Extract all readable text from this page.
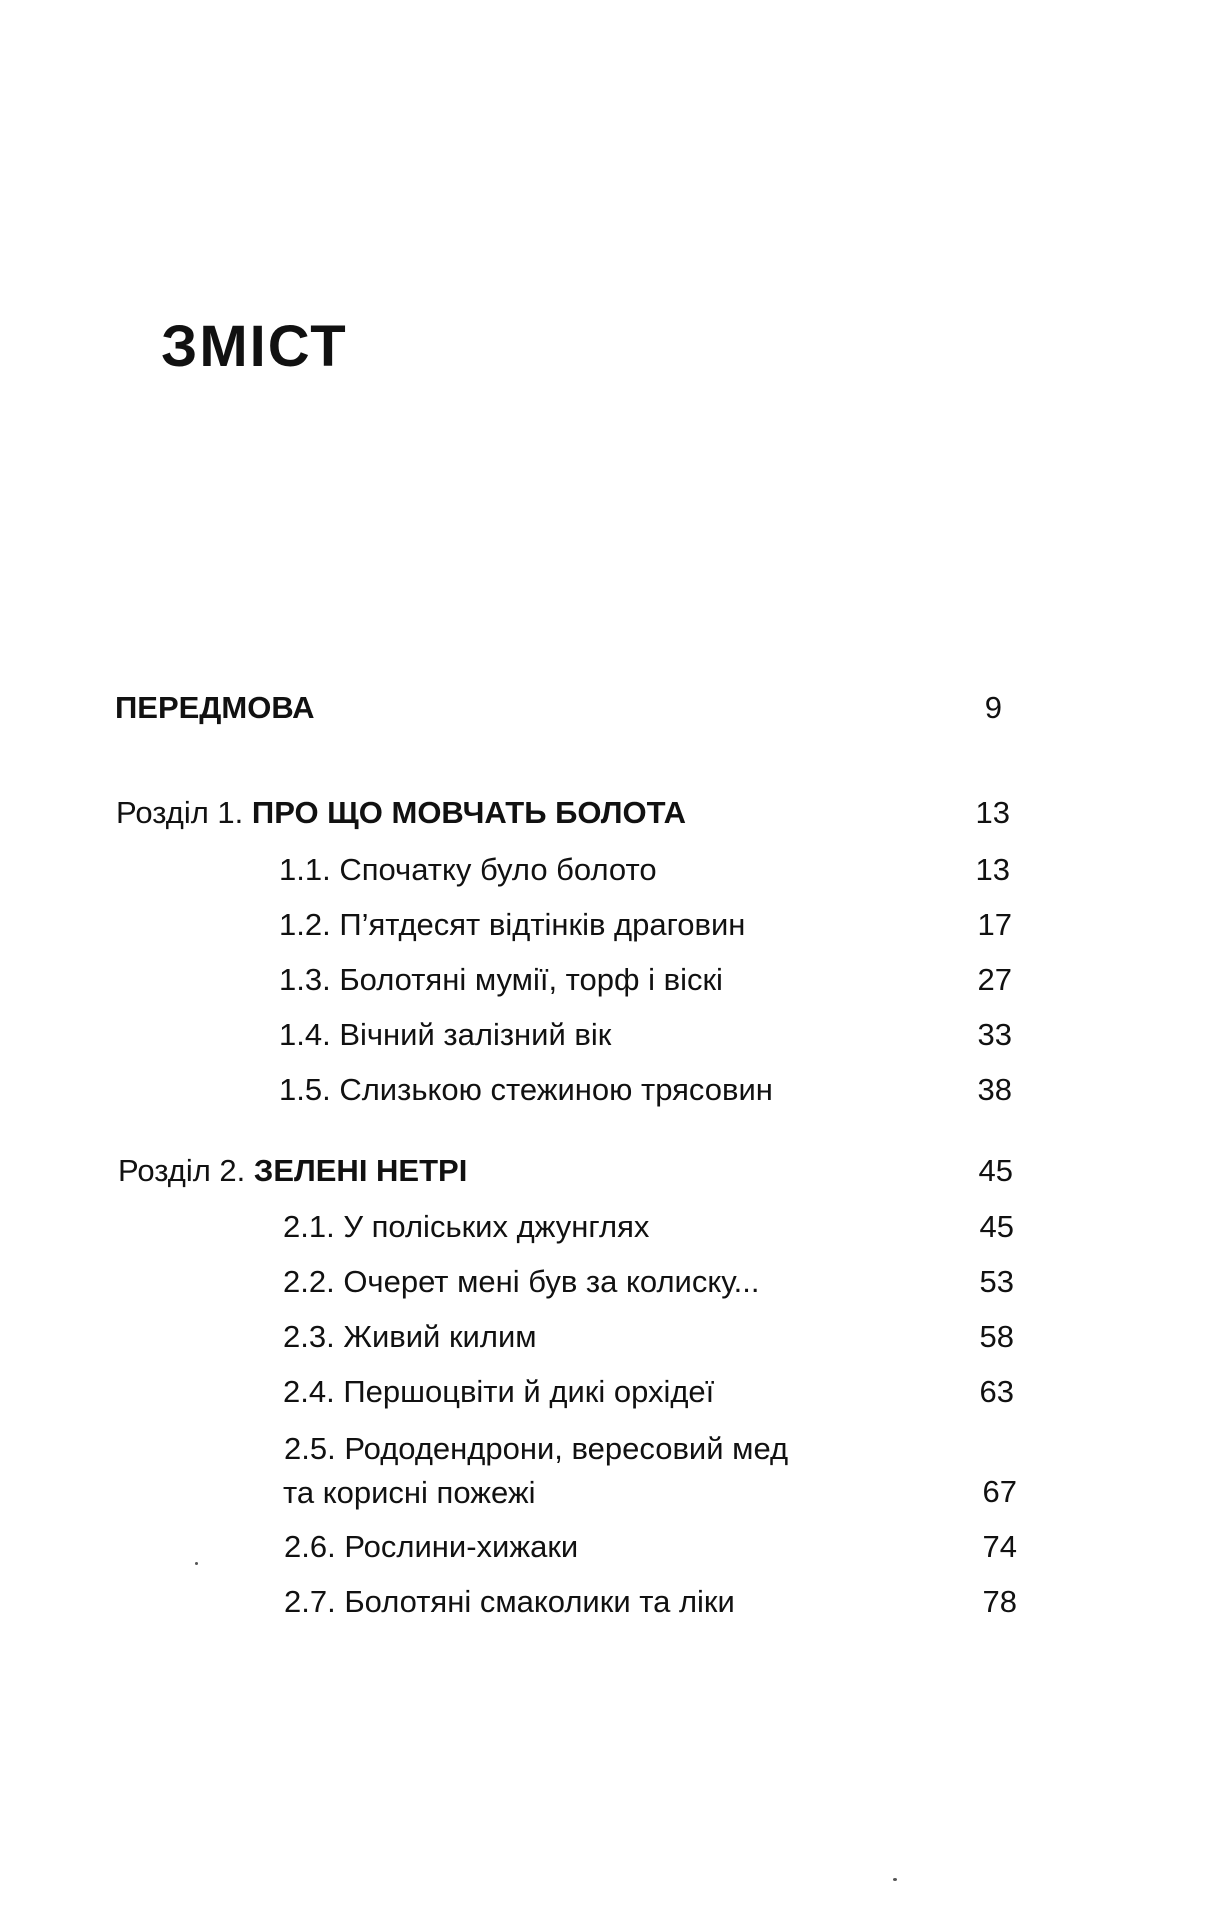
ЗМІСТ
ПЕРЕДМОВА	9
Розділ 1. ПРО ЩО МОВЧАТЬ БОЛОТА	13
1.1. Спочатку було болото	13
1.2. П’ятдесят відтінків драговин	17
1.3. Болотяні мумії, торф і віскі	27
1.4. Вічний залізний вік	33
1.5. Слизькою стежиною трясовин	38
Розділ 2. ЗЕЛЕНІ НЕТРІ	45
2.1. У поліських джунглях	45
2.2. Очерет мені був за колиску...	53
2.3. Живий килим	58
2.4. Першоцвіти й дикі орхідеї	63
2.5. Рододендрони, вересовий мед
та корисні пожежі	67
2.6. Рослини-хижаки	74
2.7. Болотяні смаколики та ліки	78
